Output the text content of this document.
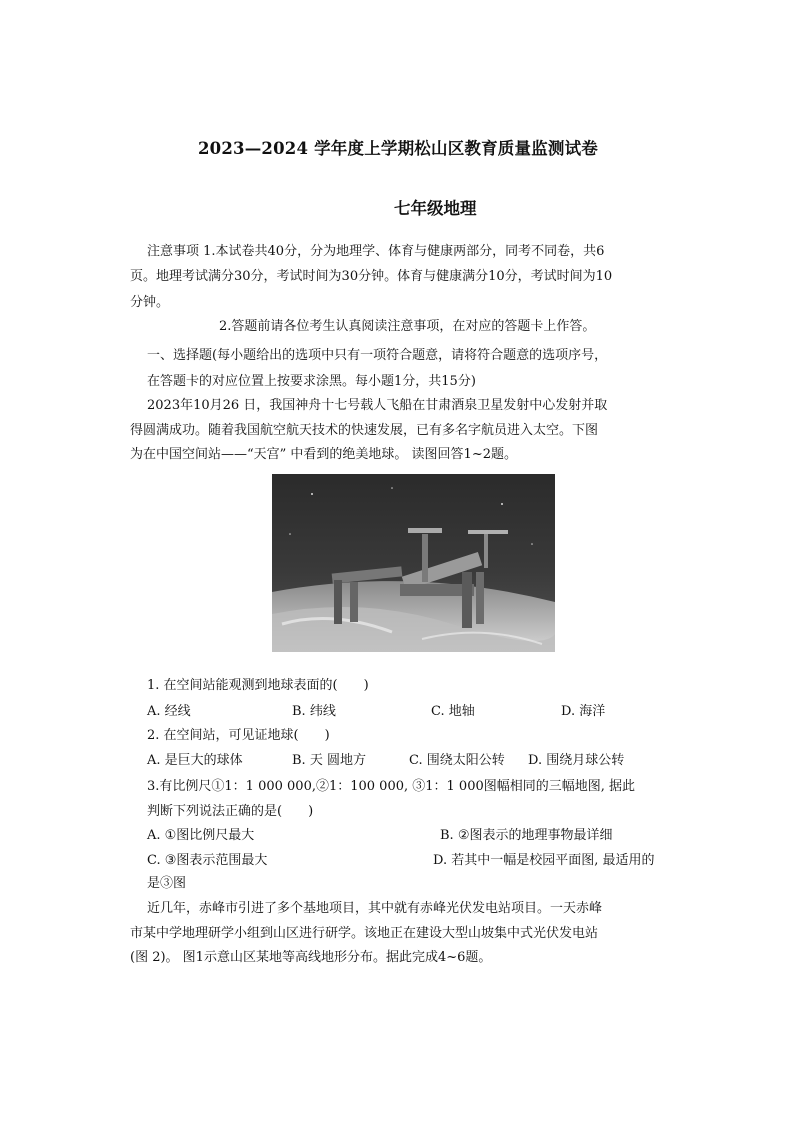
2023—2024 学年度上学期松山区教育质量监测试卷
七年级地理
注意事项 1.本试卷共40分，分为地理学、体育与健康两部分，同考不同卷，共6
页。地理考试满分30分，考试时间为30分钟。体育与健康满分10分，考试时间为10
分钟。
2.答题前请各位考生认真阅读注意事项，在对应的答题卡上作答。
一、选择题(每小题给出的选项中只有一项符合题意，请将符合题意的选项序号，
在答题卡的对应位置上按要求涂黑。每小题1分，共15分)
2023年10月26 日，我国神舟十七号载人飞船在甘肃酒泉卫星发射中心发射并取
得圆满成功。随着我国航空航天技术的快速发展，已有多名字航员进入太空。下图
为在中国空间站——“天宫” 中看到的绝美地球。 读图回答1~2题。
1. 在空间站能观测到地球表面的(　　)
A. 经线	B. 纬线	C. 地轴	D. 海洋
2. 在空间站，可见证地球(　　)
A. 是巨大的球体	B. 天 圆地方	C. 围绕太阳公转 D. 围绕月球公转
3.有比例尺①1：1 000 000,②1：100 000, ③1：1 000图幅相同的三幅地图, 据此
判断下列说法正确的是(　　)
A. ①图比例尺最大	B. ②图表示的地理事物最详细
C. ③图表示范围最大	D. 若其中一幅是校园平面图, 最适用的
是③图
近几年，赤峰市引进了多个基地项目，其中就有赤峰光伏发电站项目。一天赤峰
市某中学地理研学小组到山区进行研学。该地正在建设大型山坡集中式光伏发电站
(图 2)。 图1示意山区某地等高线地形分布。据此完成4~6题。
